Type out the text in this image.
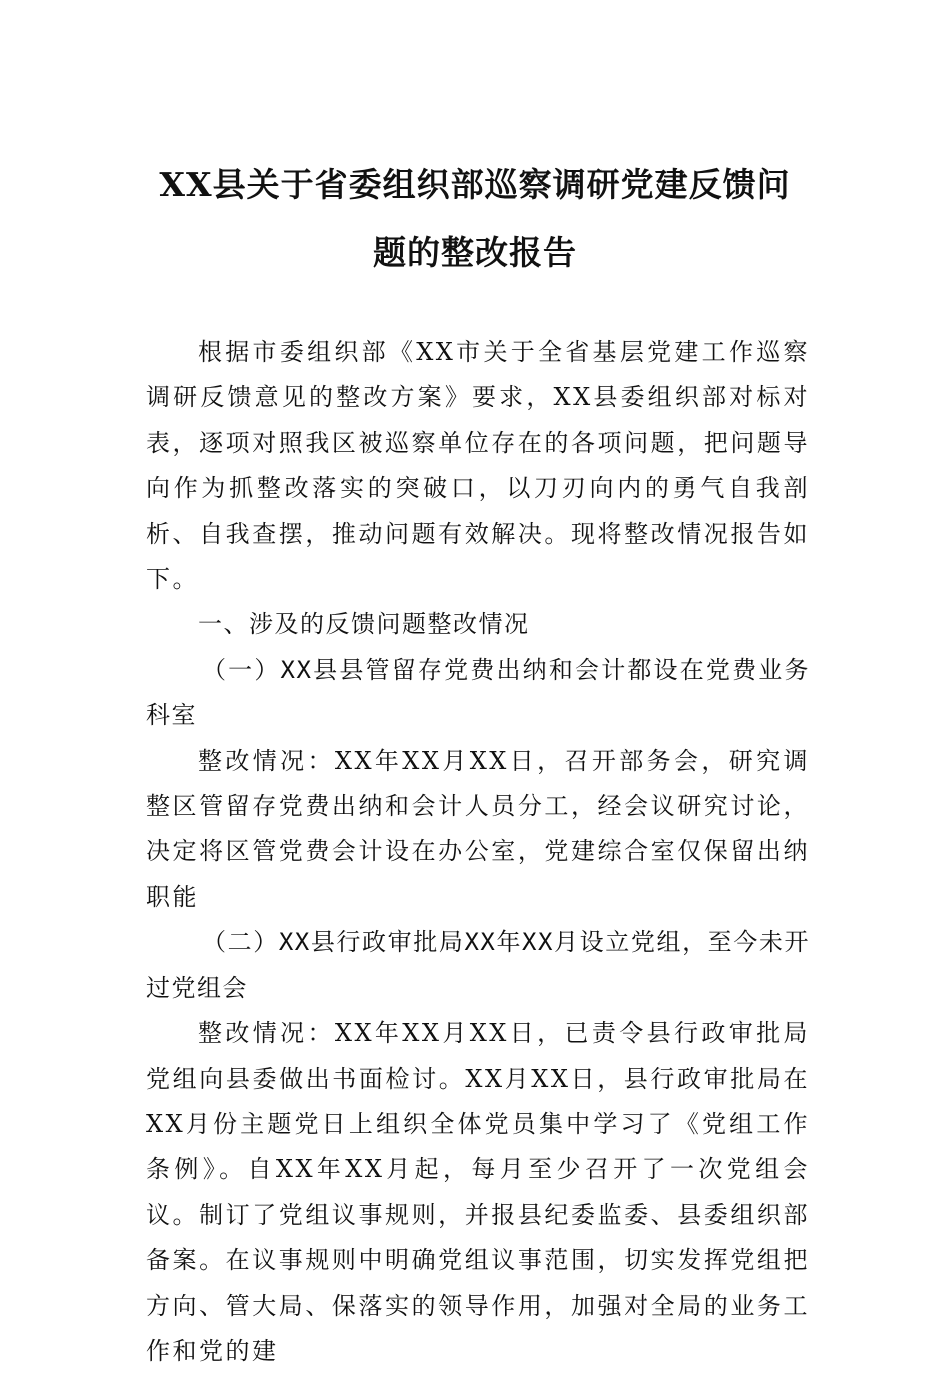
XX县关于省委组织部巡察调研党建反馈问
题的整改报告

根据市委组织部《XX市关于全省基层党建工作巡察调研反馈意见的整改方案》要求，XX县委组织部对标对表，逐项对照我区被巡察单位存在的各项问题，把问题导向作为抓整改落实的突破口，以刀刃向内的勇气自我剖析、自我查摆，推动问题有效解决。现将整改情况报告如下。

一、涉及的反馈问题整改情况

（一）XX县县管留存党费出纳和会计都设在党费业务科室

整改情况：XX年XX月XX日，召开部务会，研究调整区管留存党费出纳和会计人员分工，经会议研究讨论，决定将区管党费会计设在办公室，党建综合室仅保留出纳职能

（二）XX县行政审批局XX年XX月设立党组，至今未开过党组会

整改情况：XX年XX月XX日，已责令县行政审批局党组向县委做出书面检讨。XX月XX日，县行政审批局在XX月份主题党日上组织全体党员集中学习了《党组工作条例》。自XX年XX月起，每月至少召开了一次党组会议。制订了党组议事规则，并报县纪委监委、县委组织部备案。在议事规则中明确党组议事范围，切实发挥党组把方向、管大局、保落实的领导作用，加强对全局的业务工作和党的建
